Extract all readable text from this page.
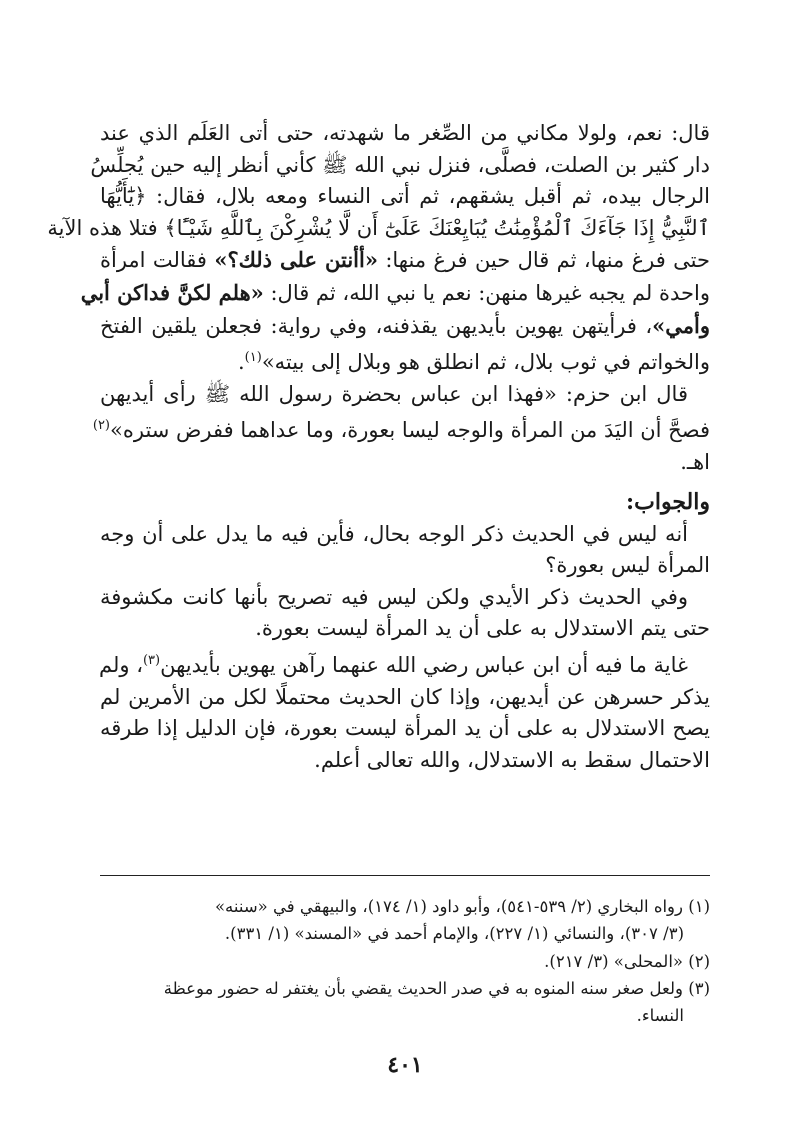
قال: نعم، ولولا مكاني من الصِّغر ما شهدته، حتى أتى العَلَم الذي عند
دار كثير بن الصلت، فصلَّى، فنزل نبي الله ﷺ كأني أنظر إليه حين يُجلِّسُ
الرجال بيده، ثم أقبل يشقهم، ثم أتى النساء ومعه بلال، فقال: ﴿يَٰٓأَيُّهَا
ٱلنَّبِيُّ إِذَا جَآءَكَ ٱلْمُؤْمِنَٰتُ يُبَايِعْنَكَ عَلَىٰٓ أَن لَّا يُشْرِكْنَ بِٱللَّهِ شَيْـًٔا﴾ فتلا هذه الآية
حتى فرغ منها، ثم قال حين فرغ منها: «أأنتن على ذلك؟» فقالت امرأة
واحدة لم يجبه غيرها منهن: نعم يا نبي الله، ثم قال: «هلم لكنَّ فداكن أبي
وأمي»، فرأيتهن يهوين بأيديهن يقذفنه، وفي رواية: فجعلن يلقين الفتخ
والخواتم في ثوب بلال، ثم انطلق هو وبلال إلى بيته»$^{(١)}$.
قال ابن حزم: «فهذا ابن عباس بحضرة رسول الله ﷺ رأى أيديهن
فصحَّ أن اليَدَ من المرأة والوجه ليسا بعورة، وما عداهما ففرض ستره»$^{(٢)}$
اهـ.
والجواب:
أنه ليس في الحديث ذكر الوجه بحال، فأين فيه ما يدل على أن وجه
المرأة ليس بعورة؟
وفي الحديث ذكر الأيدي ولكن ليس فيه تصريح بأنها كانت مكشوفة
حتى يتم الاستدلال به على أن يد المرأة ليست بعورة.
غاية ما فيه أن ابن عباس رضي الله عنهما رآهن يهوين بأيديهن$^{(٣)}$، ولم
يذكر حسرهن عن أيديهن، وإذا كان الحديث محتملًا لكل من الأمرين لم
يصح الاستدلال به على أن يد المرأة ليست بعورة، فإن الدليل إذا طرقه
الاحتمال سقط به الاستدلال، والله تعالى أعلم.
(١) رواه البخاري (٢/ ٥٣٩-٥٤١)، وأبو داود (١/ ١٧٤)، والبيهقي في «سننه»
(٣/ ٣٠٧)، والنسائي (١/ ٢٢٧)، والإمام أحمد في «المسند» (١/ ٣٣١).
(٢) «المحلى» (٣/ ٢١٧).
(٣) ولعل صغر سنه المنوه به في صدر الحديث يقضي بأن يغتفر له حضور موعظة
النساء.
٤٠١
